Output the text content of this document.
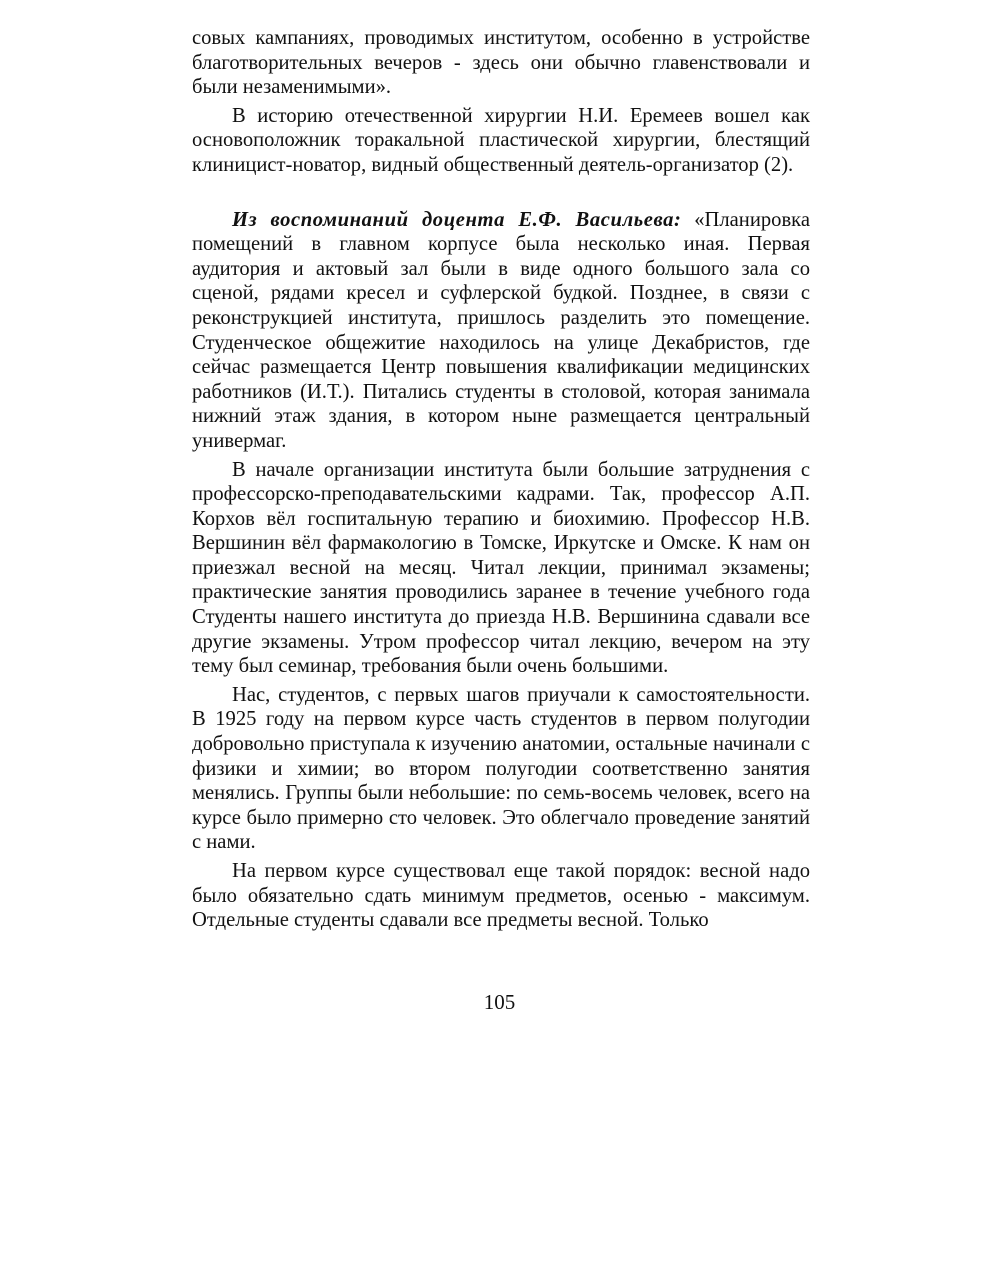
совых кампаниях, проводимых институтом, особенно в устройстве благотворительных вечеров - здесь они обычно главенствовали и были незаменимыми».

В историю отечественной хирургии Н.И. Еремеев вошел как основоположник торакальной пластической хирургии, блестящий клиницист-новатор, видный общественный деятель-организатор (2).

Из воспоминаний доцента Е.Ф. Васильева: «Планировка помещений в главном корпусе была несколько иная. Первая аудитория и актовый зал были в виде одного большого зала со сценой, рядами кресел и суфлерской будкой. Позднее, в связи с реконструкцией института, пришлось разделить это помещение. Студенческое общежитие находилось на улице Декабристов, где сейчас размещается Центр повышения квалификации медицинских работников (И.Т.). Питались студенты в столовой, которая занимала нижний этаж здания, в котором ныне размещается центральный универмаг.

В начале организации института были большие затруднения с профессорско-преподавательскими кадрами. Так, профессор А.П. Корхов вёл госпитальную терапию и биохимию. Профессор Н.В. Вершинин вёл фармакологию в Томске, Иркутске и Омске. К нам он приезжал весной на месяц. Читал лекции, принимал экзамены; практические занятия проводились заранее в течение учебного года Студенты нашего института до приезда Н.В. Вершинина сдавали все другие экзамены. Утром профессор читал лекцию, вечером на эту тему был семинар, требования были очень большими.

Нас, студентов, с первых шагов приучали к самостоятельности. В 1925 году на первом курсе часть студентов в первом полугодии добровольно приступала к изучению анатомии, остальные начинали с физики и химии; во втором полугодии соответственно занятия менялись. Группы были небольшие: по семь-восемь человек, всего на курсе было примерно сто человек. Это облегчало проведение занятий с нами.

На первом курсе существовал еще такой порядок: весной надо было обязательно сдать минимум предметов, осенью - максимум. Отдельные студенты сдавали все предметы весной. Только

105
